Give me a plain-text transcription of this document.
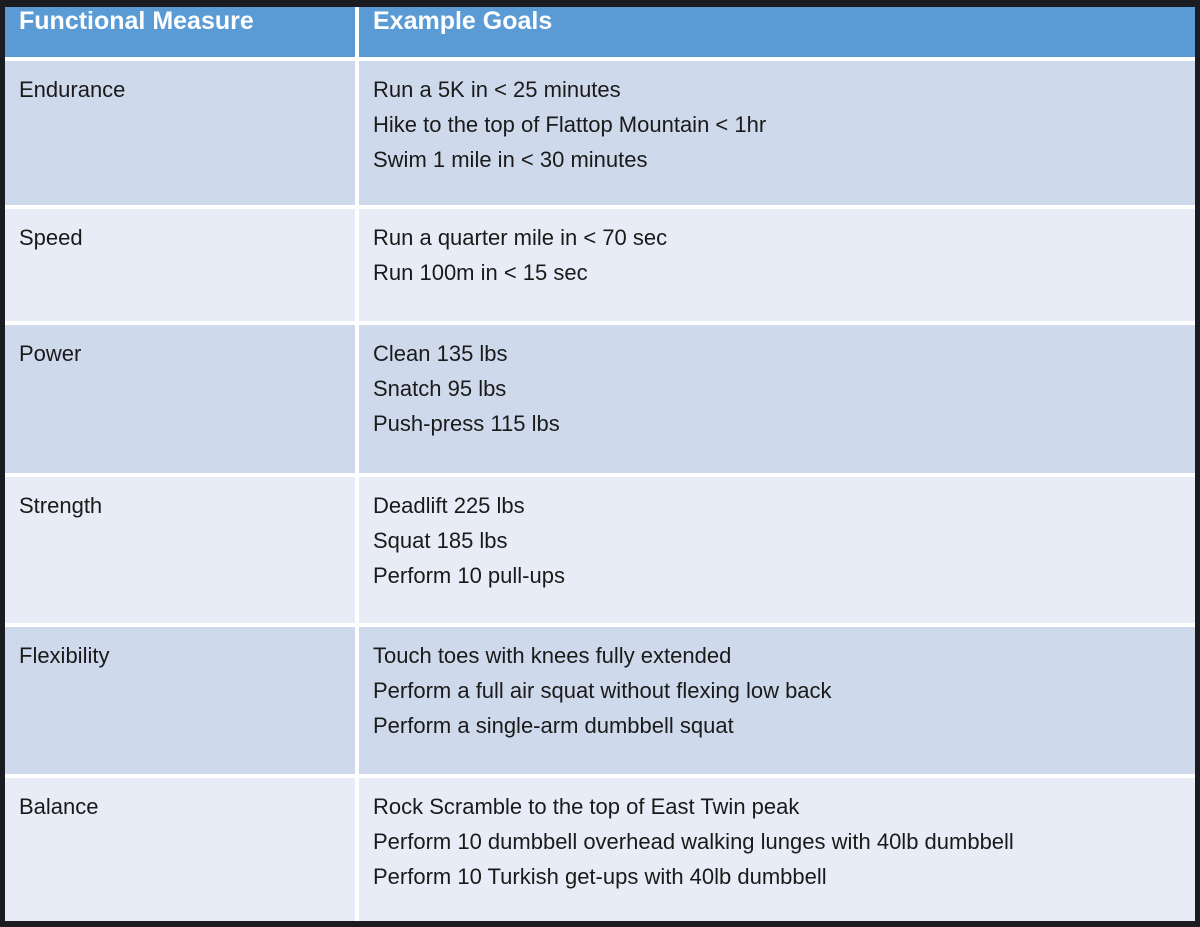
Functional Measure	Example Goals
Endurance	Run a 5K in < 25 minutes
Hike to the top of Flattop Mountain < 1hr
Swim 1 mile in < 30 minutes

Speed	Run a quarter mile in < 70 sec
Run 100m in < 15 sec

Power	Clean 135 lbs
Snatch 95 lbs
Push-press 115 lbs

Strength	Deadlift 225 lbs
Squat 185 lbs
Perform 10 pull-ups

Flexibility	Touch toes with knees fully extended
Perform a full air squat without flexing low back
Perform a single-arm dumbbell squat

Balance	Rock Scramble to the top of East Twin peak
Perform 10 dumbbell overhead walking lunges with 40lb dumbbell
Perform 10 Turkish get-ups with 40lb dumbbell
